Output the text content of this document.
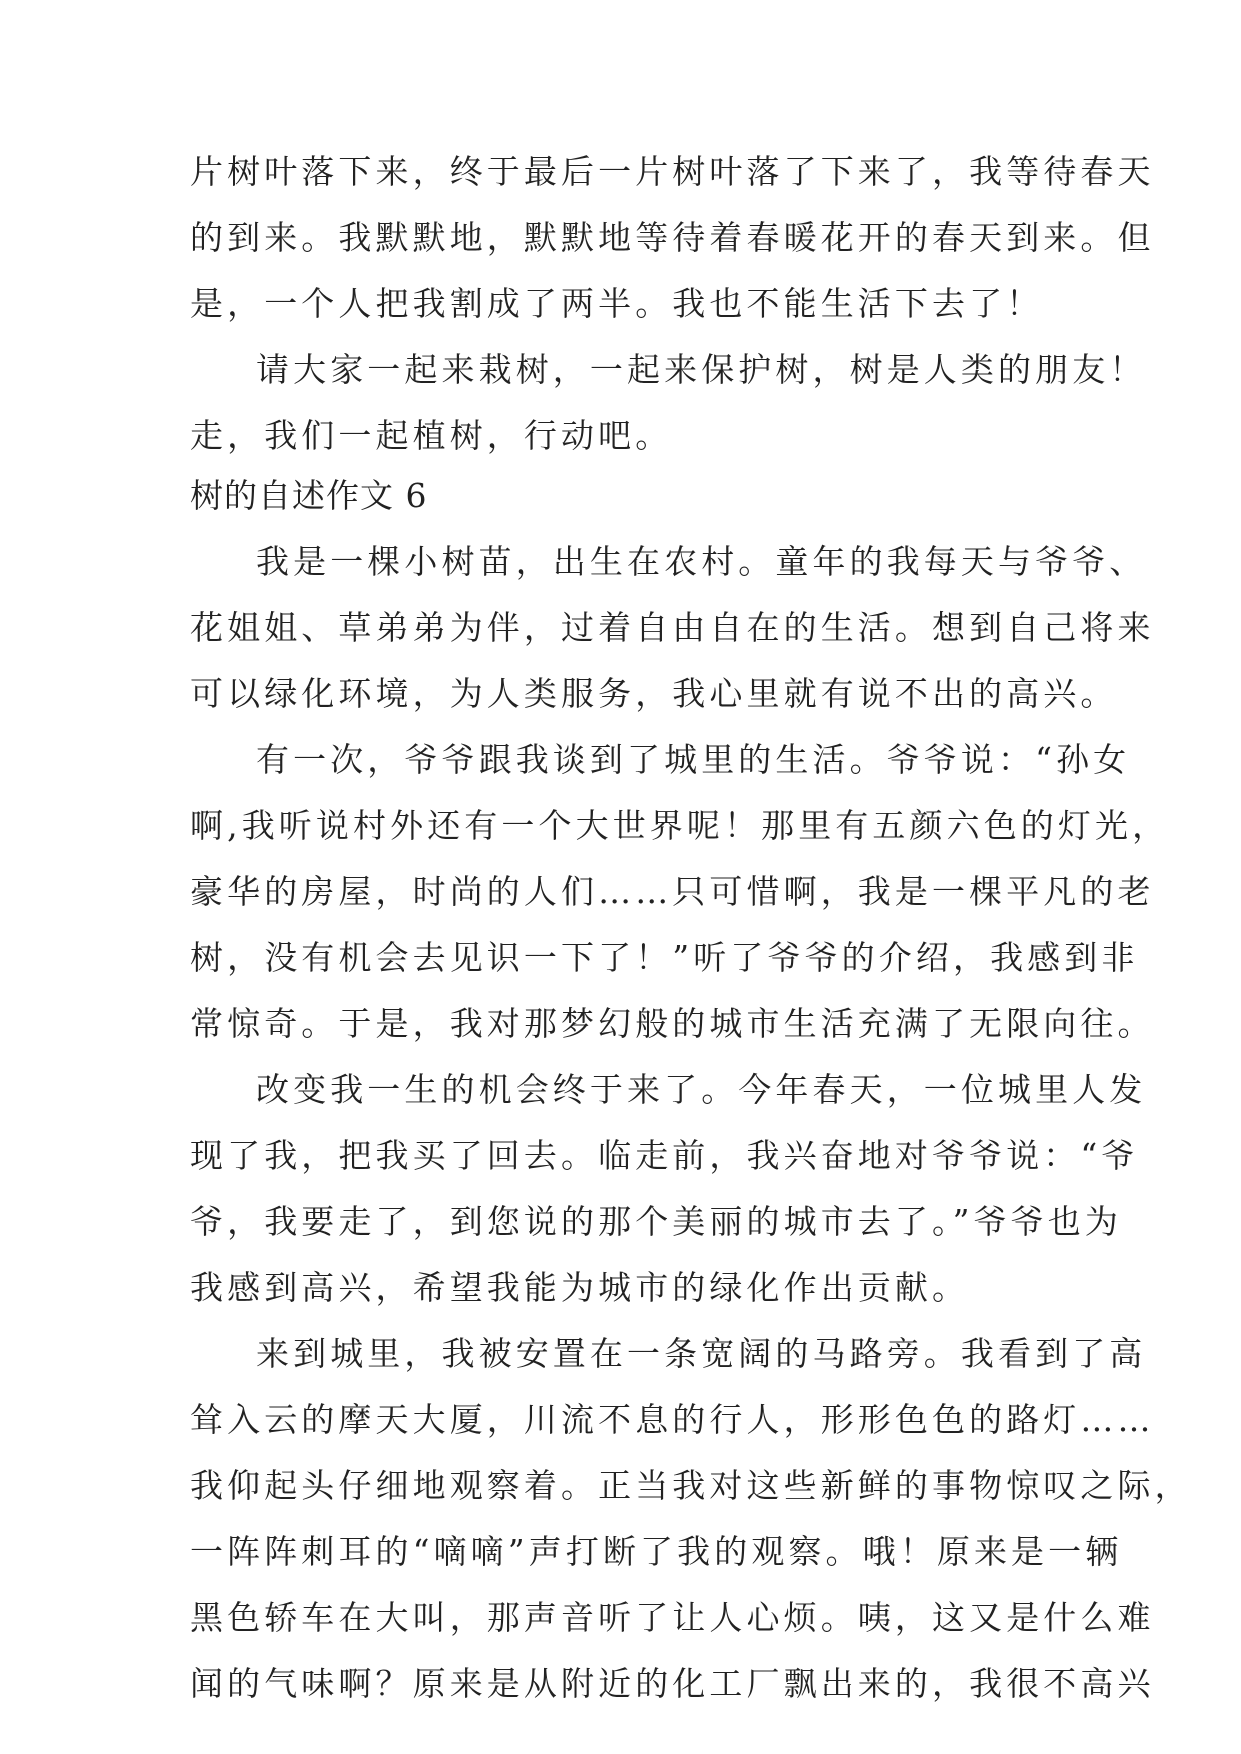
片树叶落下来，终于最后一片树叶落了下来了，我等待春天
的到来。我默默地，默默地等待着春暖花开的春天到来。但
是，一个人把我割成了两半。我也不能生活下去了！
请大家一起来栽树，一起来保护树，树是人类的朋友！
走，我们一起植树，行动吧。
树的自述作文 6
我是一棵小树苗，出生在农村。童年的我每天与爷爷、
花姐姐、草弟弟为伴，过着自由自在的生活。想到自己将来
可以绿化环境，为人类服务，我心里就有说不出的高兴。
有一次，爷爷跟我谈到了城里的生活。爷爷说：“孙女
啊,我听说村外还有一个大世界呢！那里有五颜六色的灯光，
豪华的房屋，时尚的人们……只可惜啊，我是一棵平凡的老
树，没有机会去见识一下了！”听了爷爷的介绍，我感到非
常惊奇。于是，我对那梦幻般的城市生活充满了无限向往。
改变我一生的机会终于来了。今年春天，一位城里人发
现了我，把我买了回去。临走前，我兴奋地对爷爷说：“爷
爷，我要走了，到您说的那个美丽的城市去了。”爷爷也为
我感到高兴，希望我能为城市的绿化作出贡献。
来到城里，我被安置在一条宽阔的马路旁。我看到了高
耸入云的摩天大厦，川流不息的行人，形形色色的路灯……
我仰起头仔细地观察着。正当我对这些新鲜的事物惊叹之际，
一阵阵刺耳的“嘀嘀”声打断了我的观察。哦！原来是一辆
黑色轿车在大叫，那声音听了让人心烦。咦，这又是什么难
闻的气味啊？原来是从附近的化工厂飘出来的，我很不高兴
